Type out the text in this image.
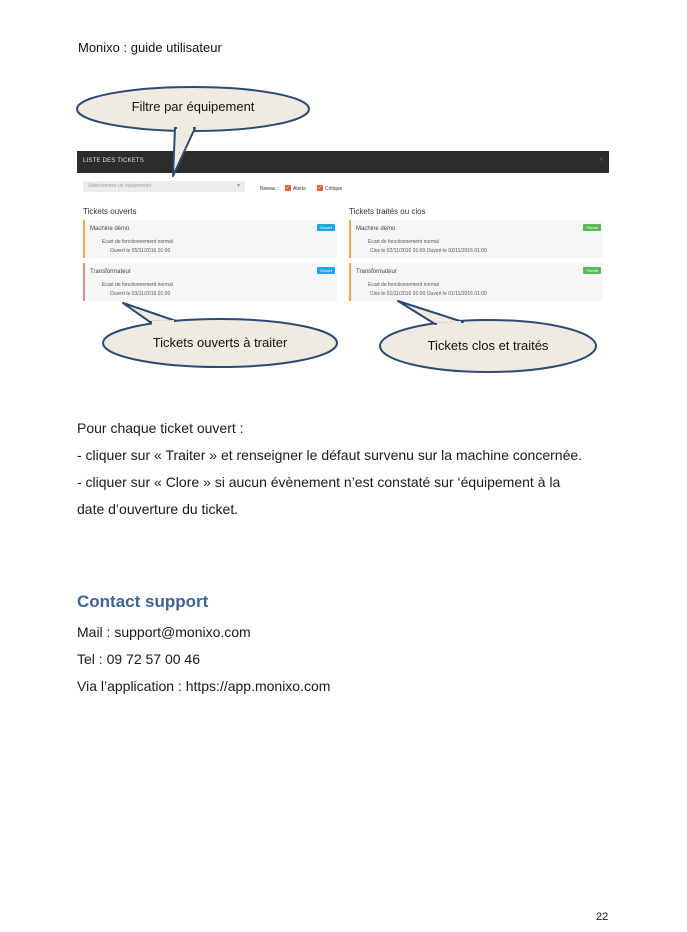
Monixo : guide utilisateur
LISTE DES TICKETS	×
Sélectionnez un équipement	▾	Niveau : ✓ Alerte ✓ Critique
Tickets ouverts	Tickets traités ou clos
Machine démo
Ecart de fonctionnement normal
Ouvert le 05/11/2016 01:00
Ouvert
Transformateur
Ecart de fonctionnement normal
Ouvert le 03/11/2016 01:00
Ouvert
Machine démo
Ecart de fonctionnement normal
Clos le 02/11/2016 01:00 Ouvert le 02/11/2016 01:00
Fermé
Transformateur
Ecart de fonctionnement normal
Clos le 01/11/2016 01:00 Ouvert le 01/11/2016 01:00
Fermé
Filtre par équipement
Tickets ouverts à traiter	Tickets clos et traités
Pour chaque ticket ouvert :
- cliquer sur « Traiter » et renseigner le défaut survenu sur la machine concernée.
- cliquer sur « Clore » si aucun évènement n’est constaté sur ‘équipement à la
date d’ouverture du ticket.
Contact support
Mail : support@monixo.com
Tel : 09 72 57 00 46
Via l’application : https://app.monixo.com
22
